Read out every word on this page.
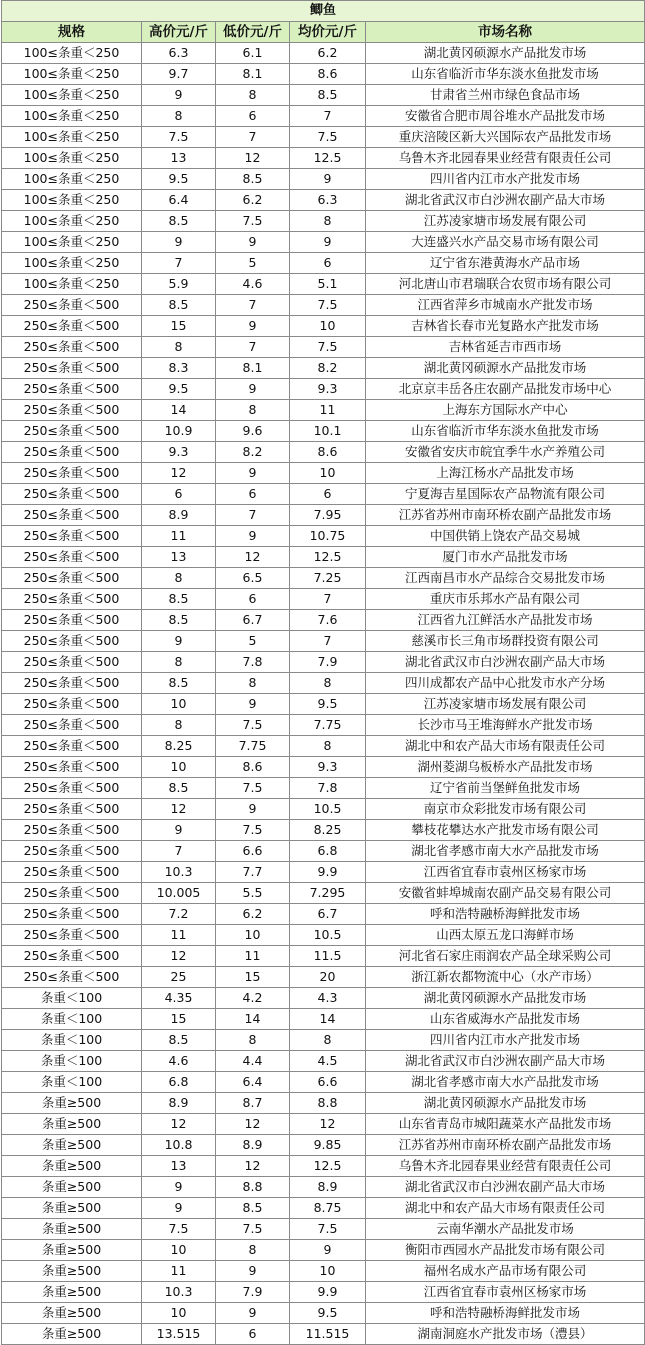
鲫鱼				
规格	高价元/斤	低价元/斤	均价元/斤	市场名称
100≤条重＜250	6.3	6.1	6.2	湖北黄冈硕源水产品批发市场
100≤条重＜250	9.7	8.1	8.6	山东省临沂市华东淡水鱼批发市场
100≤条重＜250	9	8	8.5	甘肃省兰州市绿色食品市场
100≤条重＜250	8	6	7	安徽省合肥市周谷堆水产品批发市场
100≤条重＜250	7.5	7	7.5	重庆涪陵区新大兴国际农产品批发市场
100≤条重＜250	13	12	12.5	乌鲁木齐北园春果业经营有限责任公司
100≤条重＜250	9.5	8.5	9	四川省内江市水产批发市场
100≤条重＜250	6.4	6.2	6.3	湖北省武汉市白沙洲农副产品大市场
100≤条重＜250	8.5	7.5	8	江苏凌家塘市场发展有限公司
100≤条重＜250	9	9	9	大连盛兴水产品交易市场有限公司
100≤条重＜250	7	5	6	辽宁省东港黄海水产品市场
100≤条重＜250	5.9	4.6	5.1	河北唐山市君瑞联合农贸市场有限公司
250≤条重＜500	8.5	7	7.5	江西省萍乡市城南水产批发市场
250≤条重＜500	15	9	10	吉林省长春市光复路水产批发市场
250≤条重＜500	8	7	7.5	吉林省延吉市西市场
250≤条重＜500	8.3	8.1	8.2	湖北黄冈硕源水产品批发市场
250≤条重＜500	9.5	9	9.3	北京京丰岳各庄农副产品批发市场中心
250≤条重＜500	14	8	11	上海东方国际水产中心
250≤条重＜500	10.9	9.6	10.1	山东省临沂市华东淡水鱼批发市场
250≤条重＜500	9.3	8.2	8.6	安徽省安庆市皖宜季牛水产养殖公司
250≤条重＜500	12	9	10	上海江杨水产品批发市场
250≤条重＜500	6	6	6	宁夏海吉星国际农产品物流有限公司
250≤条重＜500	8.9	7	7.95	江苏省苏州市南环桥农副产品批发市场
250≤条重＜500	11	9	10.75	中国供销上饶农产品交易城
250≤条重＜500	13	12	12.5	厦门市水产品批发市场
250≤条重＜500	8	6.5	7.25	江西南昌市水产品综合交易批发市场
250≤条重＜500	8.5	6	7	重庆市乐邦水产品有限公司
250≤条重＜500	8.5	6.7	7.6	江西省九江鲜活水产品批发市场
250≤条重＜500	9	5	7	慈溪市长三角市场群投资有限公司
250≤条重＜500	8	7.8	7.9	湖北省武汉市白沙洲农副产品大市场
250≤条重＜500	8.5	8	8	四川成都农产品中心批发市水产分场
250≤条重＜500	10	9	9.5	江苏凌家塘市场发展有限公司
250≤条重＜500	8	7.5	7.75	长沙市马王堆海鲜水产批发市场
250≤条重＜500	8.25	7.75	8	湖北中和农产品大市场有限责任公司
250≤条重＜500	10	8.6	9.3	湖州菱湖乌板桥水产品批发市场
250≤条重＜500	8.5	7.5	7.8	辽宁省前当堡鲜鱼批发市场
250≤条重＜500	12	9	10.5	南京市众彩批发市场有限公司
250≤条重＜500	9	7.5	8.25	攀枝花攀达水产批发市场有限公司
250≤条重＜500	7	6.6	6.8	湖北省孝感市南大水产品批发市场
250≤条重＜500	10.3	7.7	9.9	江西省宜春市袁州区杨家市场
250≤条重＜500	10.005	5.5	7.295	安徽省蚌埠城南农副产品交易有限公司
250≤条重＜500	7.2	6.2	6.7	呼和浩特融桥海鲜批发市场
250≤条重＜500	11	10	10.5	山西太原五龙口海鲜市场
250≤条重＜500	12	11	11.5	河北省石家庄雨润农产品全球采购公司
250≤条重＜500	25	15	20	浙江新农都物流中心（水产市场）
条重＜100	4.35	4.2	4.3	湖北黄冈硕源水产品批发市场
条重＜100	15	14	14	山东省威海水产品批发市场
条重＜100	8.5	8	8	四川省内江市水产批发市场
条重＜100	4.6	4.4	4.5	湖北省武汉市白沙洲农副产品大市场
条重＜100	6.8	6.4	6.6	湖北省孝感市南大水产品批发市场
条重≥500	8.9	8.7	8.8	湖北黄冈硕源水产品批发市场
条重≥500	12	12	12	山东省青岛市城阳蔬菜水产品批发市场
条重≥500	10.8	8.9	9.85	江苏省苏州市南环桥农副产品批发市场
条重≥500	13	12	12.5	乌鲁木齐北园春果业经营有限责任公司
条重≥500	9	8.8	8.9	湖北省武汉市白沙洲农副产品大市场
条重≥500	9	8.5	8.75	湖北中和农产品大市场有限责任公司
条重≥500	7.5	7.5	7.5	云南华潮水产品批发市场
条重≥500	10	8	9	衡阳市西园水产品批发市场有限公司
条重≥500	11	9	10	福州名成水产品市场有限公司
条重≥500	10.3	7.9	9.9	江西省宜春市袁州区杨家市场
条重≥500	10	9	9.5	呼和浩特融桥海鲜批发市场
条重≥500	13.515	6	11.515	湖南洞庭水产批发市场（澧县）
